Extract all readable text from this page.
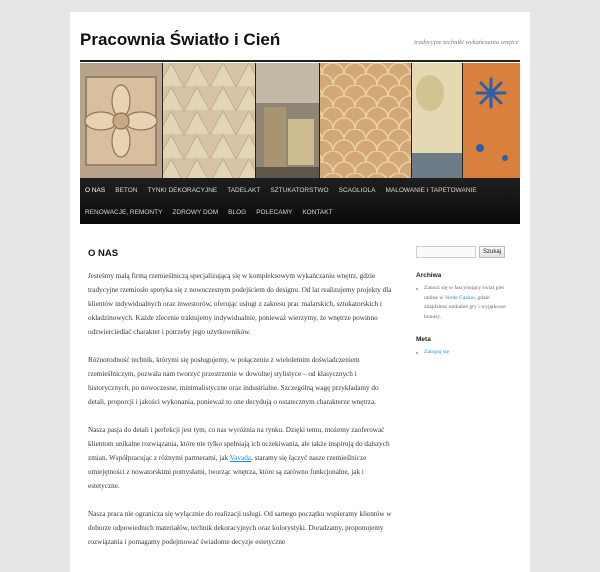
Pracownia Światło i Cień	tradycyjne techniki wykańczania wnętrz
O NAS	BETON	TYNKI DEKORACYJNE	TADELAKT	SZTUKATORSTWO	SCAGLIOLA	MALOWANIE I TAPETOWANIE
RENOWACJE, REMONTY	ZDROWY DOM	BLOG	POLECAMY	KONTAKT
O NAS

Jesteśmy małą firmą rzemieślniczą specjalizującą się w kompleksowym wykańczaniu wnętrz, gdzie tradycyjne rzemiosło spotyka się z nowoczesnym podejściem do designu. Od lat realizujemy projekty dla klientów indywidualnych oraz inwestorów, oferując usługi z zakresu prac malarskich, sztukatorskich i okładzinowych. Każde zlecenie traktujemy indywidualnie, ponieważ wierzymy, że wnętrze powinno odzwierciedlać charakter i potrzeby jego użytkowników.

Różnorodność technik, którymi się posługujemy, w połączeniu z wieloletnim doświadczeniem rzemieślniczym, pozwala nam tworzyć przestrzenie w dowolnej stylistyce – od klasycznych i historycznych, po nowoczesne, minimalistyczne oraz industrialne. Szczególną wagę przykładamy do detali, proporcji i jakości wykonania, ponieważ to one decydują o ostatecznym charakterze wnętrza.

Nasza pasja do detali i perfekcji jest tym, co nas wyróżnia na rynku. Dzięki temu, możemy zaoferować klientom unikalne rozwiązania, które nie tylko spełniają ich oczekiwania, ale także inspirują do dalszych zmian. Współpracując z różnymi partnerami, jak Vavada, staramy się łączyć nasze rzemieślnicze umiejętności z nowatorskimi pomysłami, tworząc wnętrza, które są zarówno funkcjonalne, jak i estetyczne.

Nasza praca nie ogranicza się wyłącznie do realizacji usługi. Od samego początku wspieramy klientów w doborze odpowiednich materiałów, technik dekoracyjnych oraz kolorystyki. Doradzamy, proponujemy rozwiązania i pomagamy podejmować świadome decyzje estetyczne

Szukaj
Archiwa
■ Zanurz się w fascynujący świat gier online w Verde Casino, gdzie znajdziesz unikalne gry i wyjątkowe bonusy.
Meta
■ Zaloguj się
